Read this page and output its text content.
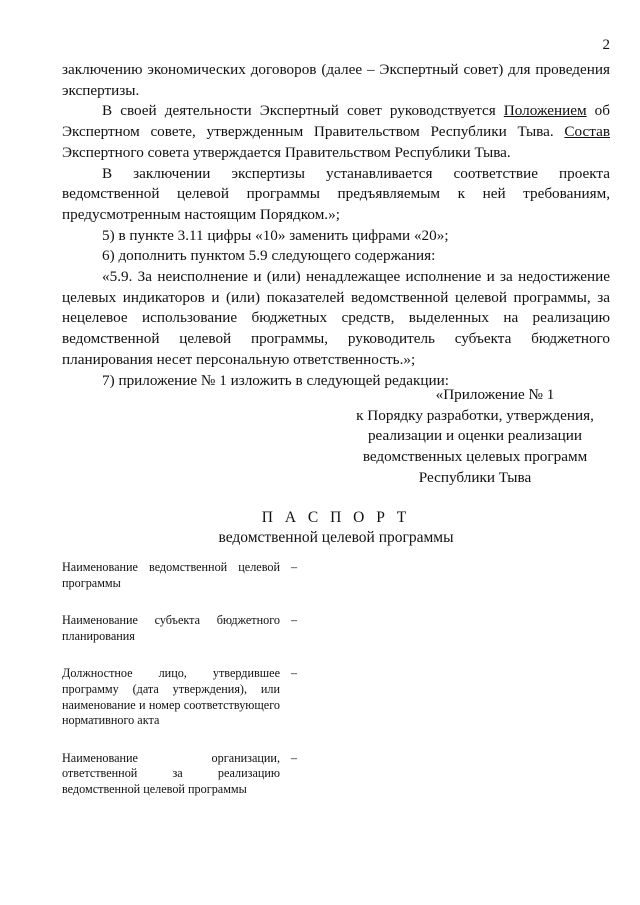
2

заключению экономических договоров (далее – Экспертный совет) для проведения экспертизы.

В своей деятельности Экспертный совет руководствуется Положением об Экспертном совете, утвержденным Правительством Республики Тыва. Состав Экспертного совета утверждается Правительством Республики Тыва.

В заключении экспертизы устанавливается соответствие проекта ведомственной целевой программы предъявляемым к ней требованиям, предусмотренным настоящим Порядком.»;

5) в пункте 3.11 цифры «10» заменить цифрами «20»;

6) дополнить пунктом 5.9 следующего содержания:

«5.9. За неисполнение и (или) ненадлежащее исполнение и за недостижение целевых индикаторов и (или) показателей ведомственной целевой программы, за нецелевое использование бюджетных средств, выделенных на реализацию ведомственной целевой программы, руководитель субъекта бюджетного планирования несет персональную ответственность.»;

7) приложение № 1 изложить в следующей редакции:

«Приложение № 1
к Порядку разработки, утверждения,
реализации и оценки реализации
ведомственных целевых программ
Республики Тыва
П А С П О Р Т
ведомственной целевой программы
Наименование ведомственной целевой программы
–
Наименование субъекта бюджетного планирования
–
Должностное лицо, утвердившее программу (дата утверждения), или наименование и номер соответствующего нормативного акта
–
Наименование организации, ответственной за реализацию ведомственной целевой программы
–
